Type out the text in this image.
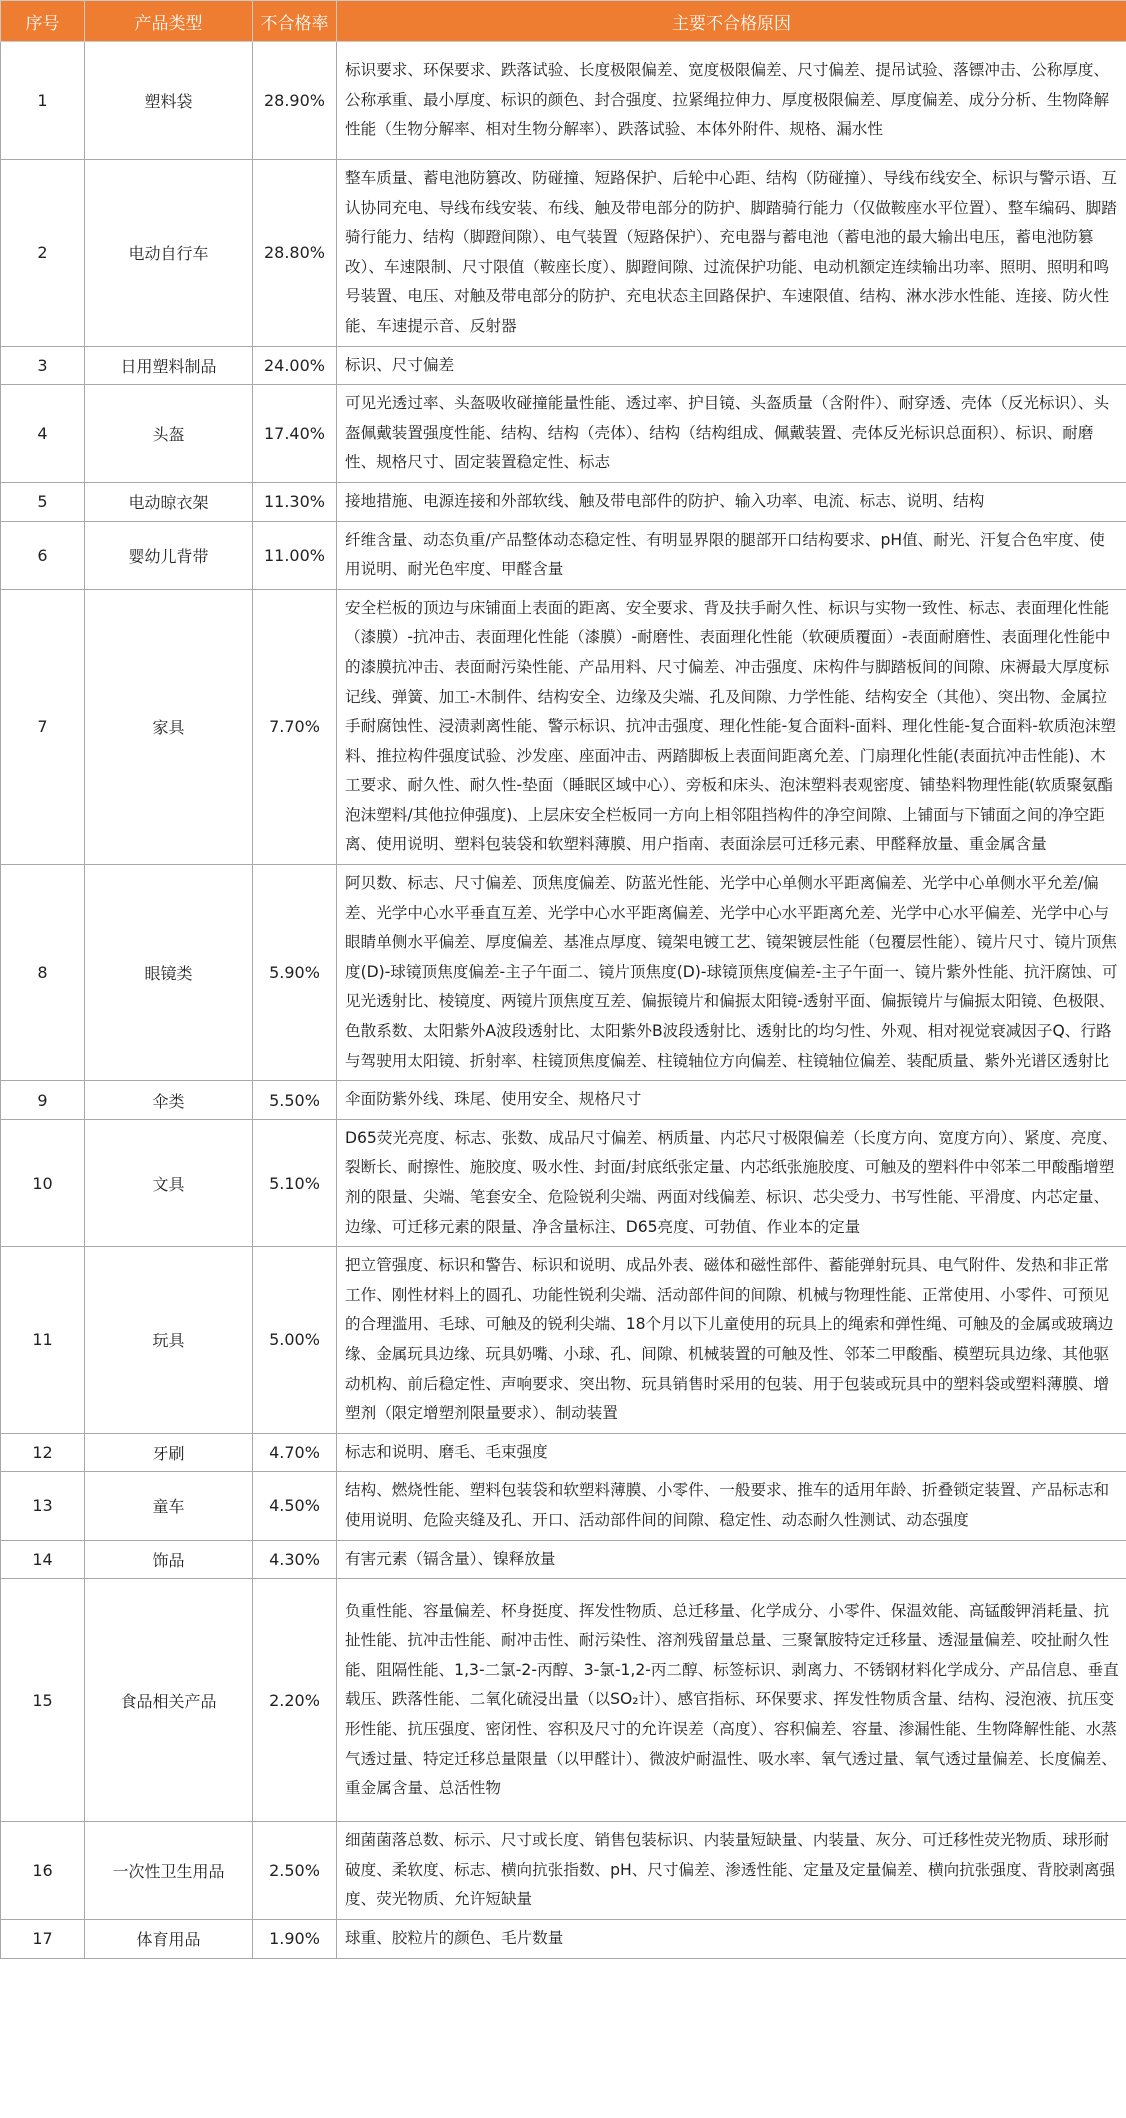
序号	产品类型	不合格率	主要不合格原因
1	塑料袋	28.90%	标识要求、环保要求、跌落试验、长度极限偏差、宽度极限偏差、尺寸偏差、提吊试验、落镖冲击、公称厚度、公称承重、最小厚度、标识的颜色、封合强度、拉紧绳拉伸力、厚度极限偏差、厚度偏差、成分分析、生物降解性能（生物分解率、相对生物分解率）、跌落试验、本体外附件、规格、漏水性
2	电动自行车	28.80%	整车质量、蓄电池防篡改、防碰撞、短路保护、后轮中心距、结构（防碰撞）、导线布线安全、标识与警示语、互认协同充电、导线布线安装、布线、触及带电部分的防护、脚踏骑行能力（仅做鞍座水平位置）、整车编码、脚踏骑行能力、结构（脚蹬间隙）、电气装置（短路保护）、充电器与蓄电池（蓄电池的最大输出电压，蓄电池防篡改）、车速限制、尺寸限值（鞍座长度）、脚蹬间隙、过流保护功能、电动机额定连续输出功率、照明、照明和鸣号装置、电压、对触及带电部分的防护、充电状态主回路保护、车速限值、结构、淋水涉水性能、连接、防火性能、车速提示音、反射器
3	日用塑料制品	24.00%	标识、尺寸偏差
4	头盔	17.40%	可见光透过率、头盔吸收碰撞能量性能、透过率、护目镜、头盔质量（含附件）、耐穿透、壳体（反光标识）、头盔佩戴装置强度性能、结构、结构（壳体）、结构（结构组成、佩戴装置、壳体反光标识总面积）、标识、耐磨性、规格尺寸、固定装置稳定性、标志
5	电动晾衣架	11.30%	接地措施、电源连接和外部软线、触及带电部件的防护、输入功率、电流、标志、说明、结构
6	婴幼儿背带	11.00%	纤维含量、动态负重/产品整体动态稳定性、有明显界限的腿部开口结构要求、pH值、耐光、汗复合色牢度、使用说明、耐光色牢度、甲醛含量
7	家具	7.70%	安全栏板的顶边与床铺面上表面的距离、安全要求、背及扶手耐久性、标识与实物一致性、标志、表面理化性能（漆膜）-抗冲击、表面理化性能（漆膜）-耐磨性、表面理化性能（软硬质覆面）-表面耐磨性、表面理化性能中的漆膜抗冲击、表面耐污染性能、产品用料、尺寸偏差、冲击强度、床构件与脚踏板间的间隙、床褥最大厚度标记线、弹簧、加工-木制件、结构安全、边缘及尖端、孔及间隙、力学性能、结构安全（其他）、突出物、金属拉手耐腐蚀性、浸渍剥离性能、警示标识、抗冲击强度、理化性能-复合面料-面料、理化性能-复合面料-软质泡沫塑料、推拉构件强度试验、沙发座、座面冲击、两踏脚板上表面间距离允差、门扇理化性能(表面抗冲击性能)、木工要求、耐久性、耐久性-垫面（睡眠区域中心）、旁板和床头、泡沫塑料表观密度、铺垫料物理性能(软质聚氨酯泡沫塑料/其他拉伸强度)、上层床安全栏板同一方向上相邻阻挡构件的净空间隙、上铺面与下铺面之间的净空距离、使用说明、塑料包装袋和软塑料薄膜、用户指南、表面涂层可迁移元素、甲醛释放量、重金属含量
8	眼镜类	5.90%	阿贝数、标志、尺寸偏差、顶焦度偏差、防蓝光性能、光学中心单侧水平距离偏差、光学中心单侧水平允差/偏差、光学中心水平垂直互差、光学中心水平距离偏差、光学中心水平距离允差、光学中心水平偏差、光学中心与眼睛单侧水平偏差、厚度偏差、基准点厚度、镜架电镀工艺、镜架镀层性能（包覆层性能）、镜片尺寸、镜片顶焦度(D)-球镜顶焦度偏差-主子午面二、镜片顶焦度(D)-球镜顶焦度偏差-主子午面一、镜片紫外性能、抗汗腐蚀、可见光透射比、棱镜度、两镜片顶焦度互差、偏振镜片和偏振太阳镜-透射平面、偏振镜片与偏振太阳镜、色极限、色散系数、太阳紫外A波段透射比、太阳紫外B波段透射比、透射比的均匀性、外观、相对视觉衰减因子Q、行路与驾驶用太阳镜、折射率、柱镜顶焦度偏差、柱镜轴位方向偏差、柱镜轴位偏差、装配质量、紫外光谱区透射比
9	伞类	5.50%	伞面防紫外线、珠尾、使用安全、规格尺寸
10	文具	5.10%	D65荧光亮度、标志、张数、成品尺寸偏差、柄质量、内芯尺寸极限偏差（长度方向、宽度方向）、紧度、亮度、裂断长、耐擦性、施胶度、吸水性、封面/封底纸张定量、内芯纸张施胶度、可触及的塑料件中邻苯二甲酸酯增塑剂的限量、尖端、笔套安全、危险锐利尖端、两面对线偏差、标识、芯尖受力、书写性能、平滑度、内芯定量、边缘、可迁移元素的限量、净含量标注、D65亮度、可勃值、作业本的定量
11	玩具	5.00%	把立管强度、标识和警告、标识和说明、成品外表、磁体和磁性部件、蓄能弹射玩具、电气附件、发热和非正常工作、刚性材料上的圆孔、功能性锐利尖端、活动部件间的间隙、机械与物理性能、正常使用、小零件、可预见的合理滥用、毛球、可触及的锐利尖端、18个月以下儿童使用的玩具上的绳索和弹性绳、可触及的金属或玻璃边缘、金属玩具边缘、玩具奶嘴、小球、孔、间隙、机械装置的可触及性、邻苯二甲酸酯、模塑玩具边缘、其他驱动机构、前后稳定性、声响要求、突出物、玩具销售时采用的包装、用于包装或玩具中的塑料袋或塑料薄膜、增塑剂（限定增塑剂限量要求）、制动装置
12	牙刷	4.70%	标志和说明、磨毛、毛束强度
13	童车	4.50%	结构、燃烧性能、塑料包装袋和软塑料薄膜、小零件、一般要求、推车的适用年龄、折叠锁定装置、产品标志和使用说明、危险夹缝及孔、开口、活动部件间的间隙、稳定性、动态耐久性测试、动态强度
14	饰品	4.30%	有害元素（镉含量）、镍释放量
15	食品相关产品	2.20%	负重性能、容量偏差、杯身挺度、挥发性物质、总迁移量、化学成分、小零件、保温效能、高锰酸钾消耗量、抗扯性能、抗冲击性能、耐冲击性、耐污染性、溶剂残留量总量、三聚氰胺特定迁移量、透湿量偏差、咬扯耐久性能、阻隔性能、1,3-二氯-2-丙醇、3-氯-1,2-丙二醇、标签标识、剥离力、不锈钢材料化学成分、产品信息、垂直载压、跌落性能、二氧化硫浸出量（以SO₂计）、感官指标、环保要求、挥发性物质含量、结构、浸泡液、抗压变形性能、抗压强度、密闭性、容积及尺寸的允许误差（高度）、容积偏差、容量、渗漏性能、生物降解性能、水蒸气透过量、特定迁移总量限量（以甲醛计）、微波炉耐温性、吸水率、氧气透过量、氧气透过量偏差、长度偏差、重金属含量、总活性物
16	一次性卫生用品	2.50%	细菌菌落总数、标示、尺寸或长度、销售包装标识、内装量短缺量、内装量、灰分、可迁移性荧光物质、球形耐破度、柔软度、标志、横向抗张指数、pH、尺寸偏差、渗透性能、定量及定量偏差、横向抗张强度、背胶剥离强度、荧光物质、允许短缺量
17	体育用品	1.90%	球重、胶粒片的颜色、毛片数量
